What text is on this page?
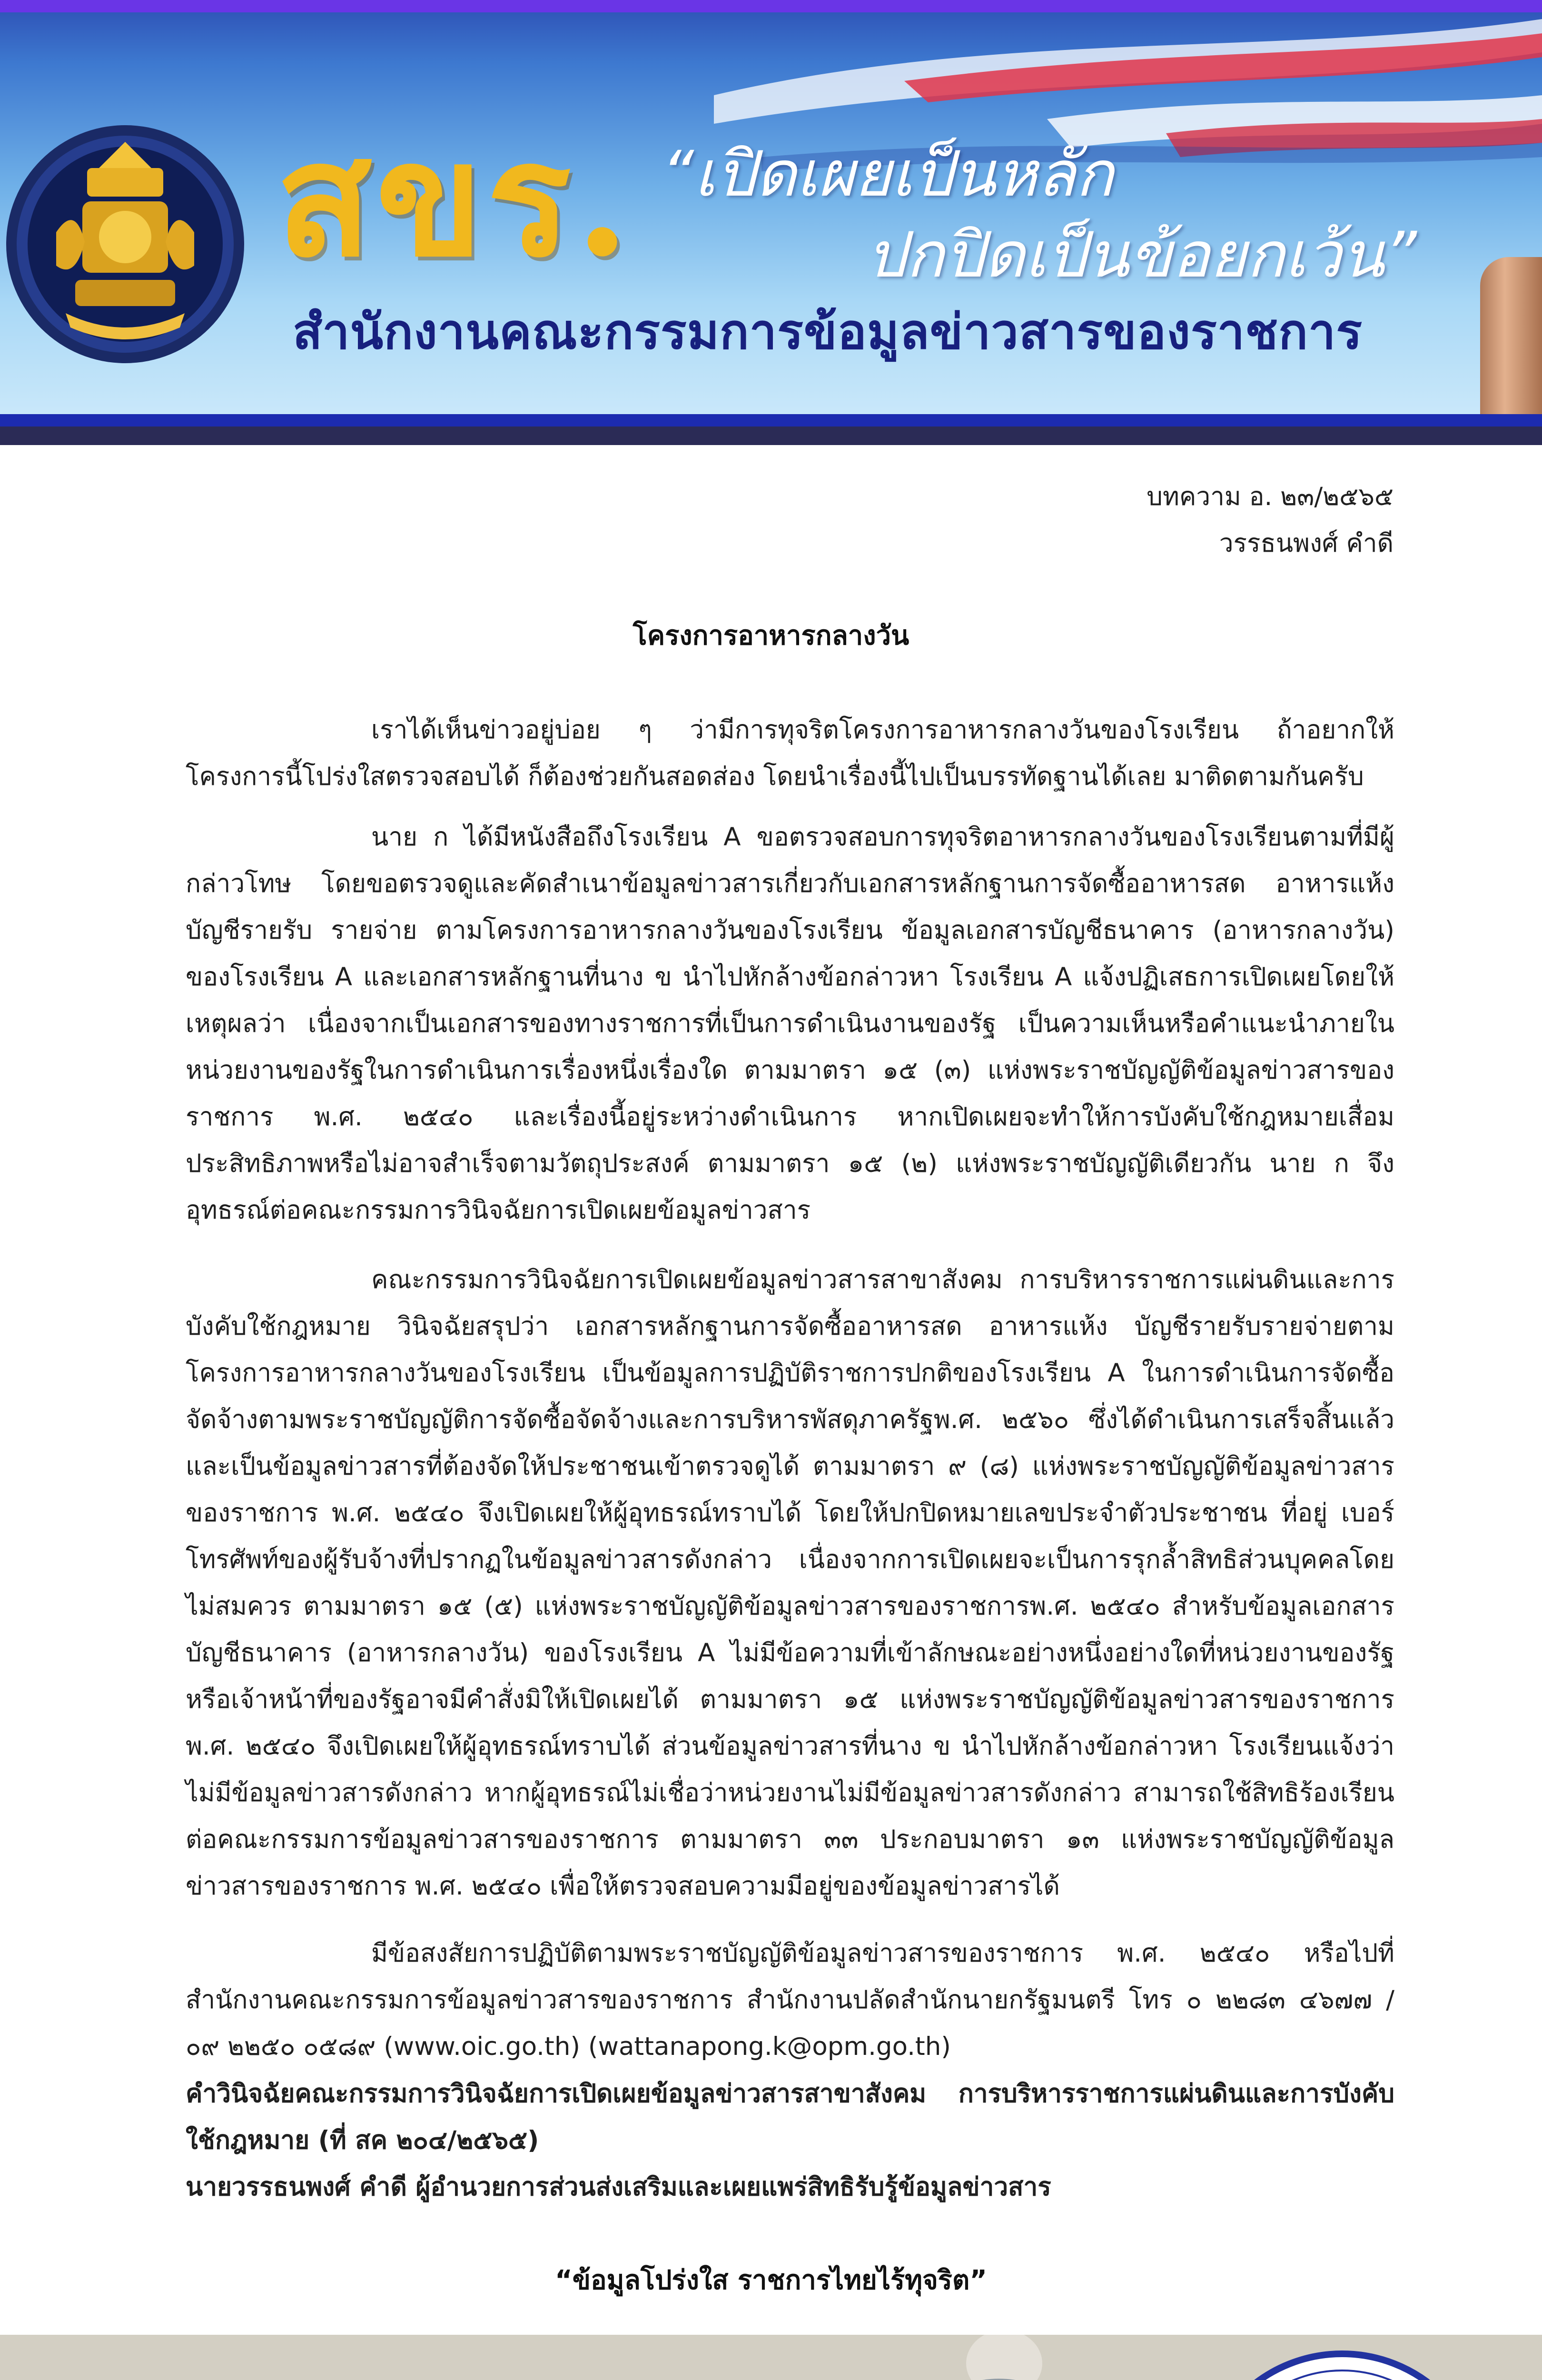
สขร. “เปิดเผยเป็นหลัก
ปกปิดเป็นข้อยกเว้น”
สำนักงานคณะกรรมการข้อมูลข่าวสารของราชการ
บทความ อ. ๒๓/๒๕๖๕
วรรธนพงศ์ คำดี
โครงการอาหารกลางวัน

เราได้เห็นข่าวอยู่บ่อย ๆ ว่ามีการทุจริตโครงการอาหารกลางวันของโรงเรียน ถ้าอยากให้โครงการนี้โปร่งใสตรวจสอบได้ ก็ต้องช่วยกันสอดส่อง โดยนำเรื่องนี้ไปเป็นบรรทัดฐานได้เลย มาติดตามกันครับ

นาย ก ได้มีหนังสือถึงโรงเรียน A ขอตรวจสอบการทุจริตอาหารกลางวันของโรงเรียนตามที่มีผู้กล่าวโทษ โดยขอตรวจดูและคัดสำเนาข้อมูลข่าวสารเกี่ยวกับเอกสารหลักฐานการจัดซื้ออาหารสด อาหารแห้ง บัญชีรายรับ รายจ่าย ตามโครงการอาหารกลางวันของโรงเรียน ข้อมูลเอกสารบัญชีธนาคาร (อาหารกลางวัน) ของโรงเรียน A และเอกสารหลักฐานที่นาง ข นำไปหักล้างข้อกล่าวหา โรงเรียน A แจ้งปฏิเสธการเปิดเผยโดยให้เหตุผลว่า เนื่องจากเป็นเอกสารของทางราชการที่เป็นการดำเนินงานของรัฐ เป็นความเห็นหรือคำแนะนำภายในหน่วยงานของรัฐในการดำเนินการเรื่องหนึ่งเรื่องใด ตามมาตรา ๑๕ (๓) แห่งพระราชบัญญัติข้อมูลข่าวสารของราชการ พ.ศ. ๒๕๔๐ และเรื่องนี้อยู่ระหว่างดำเนินการ หากเปิดเผยจะทำให้การบังคับใช้กฎหมายเสื่อมประสิทธิภาพหรือไม่อาจสำเร็จตามวัตถุประสงค์ ตามมาตรา ๑๕ (๒) แห่งพระราชบัญญัติเดียวกัน นาย ก จึงอุทธรณ์ต่อคณะกรรมการวินิจฉัยการเปิดเผยข้อมูลข่าวสาร

คณะกรรมการวินิจฉัยการเปิดเผยข้อมูลข่าวสารสาขาสังคม การบริหารราชการแผ่นดินและการบังคับใช้กฎหมาย วินิจฉัยสรุปว่า เอกสารหลักฐานการจัดซื้ออาหารสด อาหารแห้ง บัญชีรายรับรายจ่ายตามโครงการอาหารกลางวันของโรงเรียน เป็นข้อมูลการปฏิบัติราชการปกติของโรงเรียน A ในการดำเนินการจัดซื้อจัดจ้างตามพระราชบัญญัติการจัดซื้อจัดจ้างและการบริหารพัสดุภาครัฐพ.ศ. ๒๕๖๐ ซึ่งได้ดำเนินการเสร็จสิ้นแล้วและเป็นข้อมูลข่าวสารที่ต้องจัดให้ประชาชนเข้าตรวจดูได้ ตามมาตรา ๙ (๘) แห่งพระราชบัญญัติข้อมูลข่าวสารของราชการ พ.ศ. ๒๕๔๐ จึงเปิดเผยให้ผู้อุทธรณ์ทราบได้ โดยให้ปกปิดหมายเลขประจำตัวประชาชน ที่อยู่ เบอร์โทรศัพท์ของผู้รับจ้างที่ปรากฏในข้อมูลข่าวสารดังกล่าว เนื่องจากการเปิดเผยจะเป็นการรุกล้ำสิทธิส่วนบุคคลโดยไม่สมควร ตามมาตรา ๑๕ (๕) แห่งพระราชบัญญัติข้อมูลข่าวสารของราชการพ.ศ. ๒๕๔๐ สำหรับข้อมูลเอกสารบัญชีธนาคาร (อาหารกลางวัน) ของโรงเรียน A ไม่มีข้อความที่เข้าลักษณะอย่างหนึ่งอย่างใดที่หน่วยงานของรัฐหรือเจ้าหน้าที่ของรัฐอาจมีคำสั่งมิให้เปิดเผยได้ ตามมาตรา ๑๕ แห่งพระราชบัญญัติข้อมูลข่าวสารของราชการ พ.ศ. ๒๕๔๐ จึงเปิดเผยให้ผู้อุทธรณ์ทราบได้ ส่วนข้อมูลข่าวสารที่นาง ข นำไปหักล้างข้อกล่าวหา โรงเรียนแจ้งว่าไม่มีข้อมูลข่าวสารดังกล่าว หากผู้อุทธรณ์ไม่เชื่อว่าหน่วยงานไม่มีข้อมูลข่าวสารดังกล่าว สามารถใช้สิทธิร้องเรียนต่อคณะกรรมการข้อมูลข่าวสารของราชการ ตามมาตรา ๓๓ ประกอบมาตรา ๑๓ แห่งพระราชบัญญัติข้อมูลข่าวสารของราชการ พ.ศ. ๒๕๔๐ เพื่อให้ตรวจสอบความมีอยู่ของข้อมูลข่าวสารได้

มีข้อสงสัยการปฏิบัติตามพระราชบัญญัติข้อมูลข่าวสารของราชการ พ.ศ. ๒๕๔๐ หรือไปที่สำนักงานคณะกรรมการข้อมูลข่าวสารของราชการ สำนักงานปลัดสำนักนายกรัฐมนตรี โทร ๐ ๒๒๘๓ ๔๖๗๗ / ๐๙ ๒๒๕๐ ๐๕๘๙ (www.oic.go.th) (wattanapong.k@opm.go.th)

คำวินิจฉัยคณะกรรมการวินิจฉัยการเปิดเผยข้อมูลข่าวสารสาขาสังคม การบริหารราชการแผ่นดินและการบังคับใช้กฎหมาย (ที่ สค ๒๐๔/๒๕๖๕)

นายวรรธนพงศ์ คำดี ผู้อำนวยการส่วนส่งเสริมและเผยแพร่สิทธิรับรู้ข้อมูลข่าวสาร

“ข้อมูลโปร่งใส ราชการไทยไร้ทุจริต”
